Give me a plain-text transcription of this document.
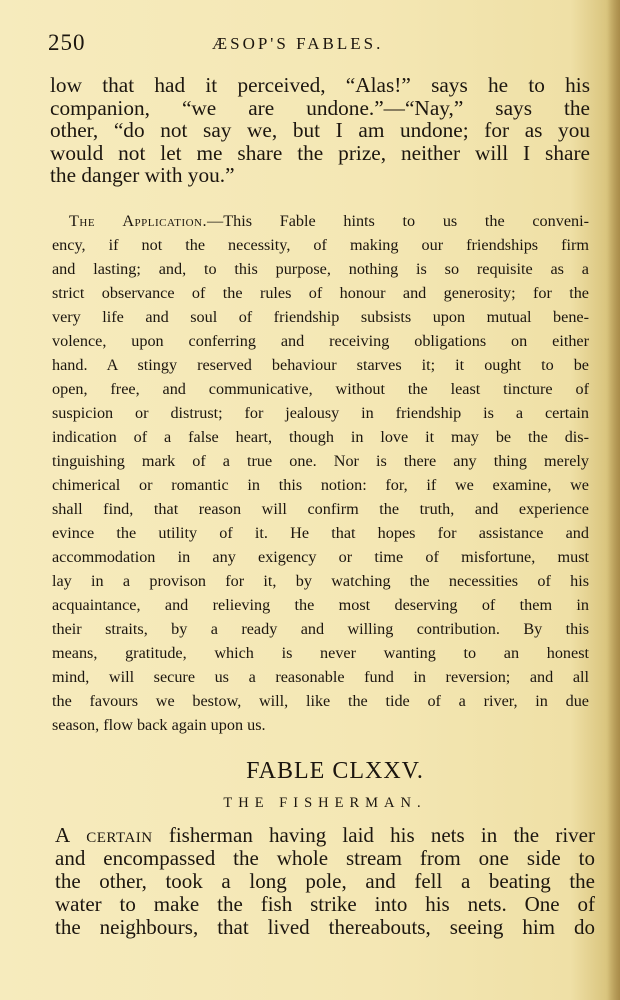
250	ÆSOP'S FABLES.
low that had it perceived, “Alas!” says he to his
companion, “we are undone.”—“Nay,” says the
other, “do not say we, but I am undone; for as you
would not let me share the prize, neither will I share
the danger with you.”
The Application.—This Fable hints to us the conveni-
ency, if not the necessity, of making our friendships firm
and lasting; and, to this purpose, nothing is so requisite as a
strict observance of the rules of honour and generosity; for the
very life and soul of friendship subsists upon mutual bene-
volence, upon conferring and receiving obligations on either
hand. A stingy reserved behaviour starves it; it ought to be
open, free, and communicative, without the least tincture of
suspicion or distrust; for jealousy in friendship is a certain
indication of a false heart, though in love it may be the dis-
tinguishing mark of a true one. Nor is there any thing merely
chimerical or romantic in this notion: for, if we examine, we
shall find, that reason will confirm the truth, and experience
evince the utility of it. He that hopes for assistance and
accommodation in any exigency or time of misfortune, must
lay in a provison for it, by watching the necessities of his
acquaintance, and relieving the most deserving of them in
their straits, by a ready and willing contribution. By this
means, gratitude, which is never wanting to an honest
mind, will secure us a reasonable fund in reversion; and all
the favours we bestow, will, like the tide of a river, in due
season, flow back again upon us.
FABLE CLXXV.
THE FISHERMAN.
A certain fisherman having laid his nets in the river
and encompassed the whole stream from one side to
the other, took a long pole, and fell a beating the
water to make the fish strike into his nets. One of
the neighbours, that lived thereabouts, seeing him do
